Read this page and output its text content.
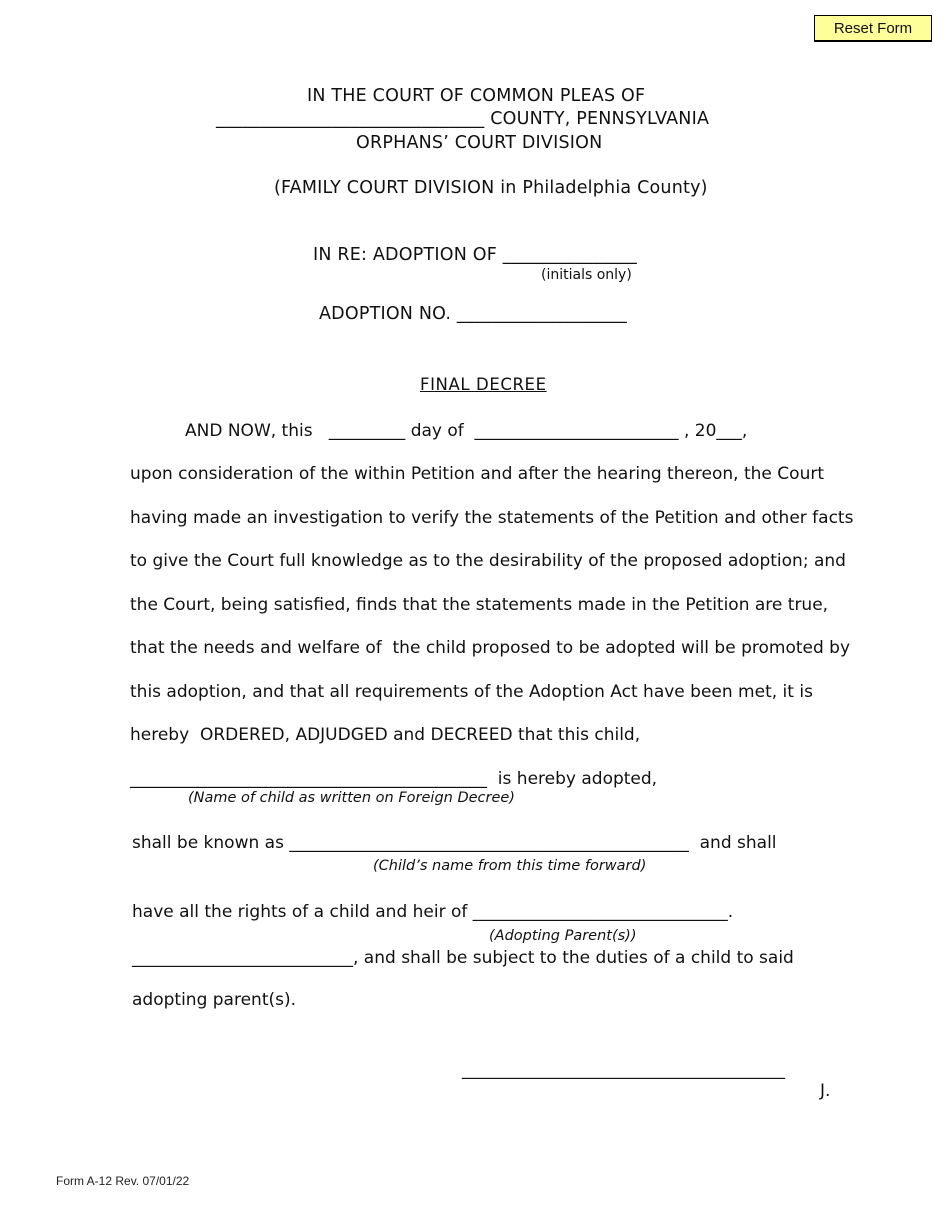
Reset Form
IN THE COURT OF COMMON PLEAS OF
______________________________ COUNTY, PENNSYLVANIA
ORPHANS’ COURT DIVISION
(FAMILY COURT DIVISION in Philadelphia County)
IN RE: ADOPTION OF _______________
(initials only)
ADOPTION NO. ___________________
FINAL DECREE
AND NOW, this   _________ day of  ________________________ , 20___,
upon consideration of the within Petition and after the hearing thereon, the Court
having made an investigation to verify the statements of the Petition and other facts
to give the Court full knowledge as to the desirability of the proposed adoption; and
the Court, being satisfied, finds that the statements made in the Petition are true,
that the needs and welfare of  the child proposed to be adopted will be promoted by
this adoption, and that all requirements of the Adoption Act have been met, it is
hereby  ORDERED, ADJUDGED and DECREED that this child,
__________________________________________  is hereby adopted,
(Name of child as written on Foreign Decree)
shall be known as _______________________________________________  and shall
(Child’s name from this time forward)
have all the rights of a child and heir of ______________________________.
(Adopting Parent(s))
__________________________, and shall be subject to the duties of a child to said
adopting parent(s).
______________________________________
J.
Form A-12 Rev. 07/01/22
